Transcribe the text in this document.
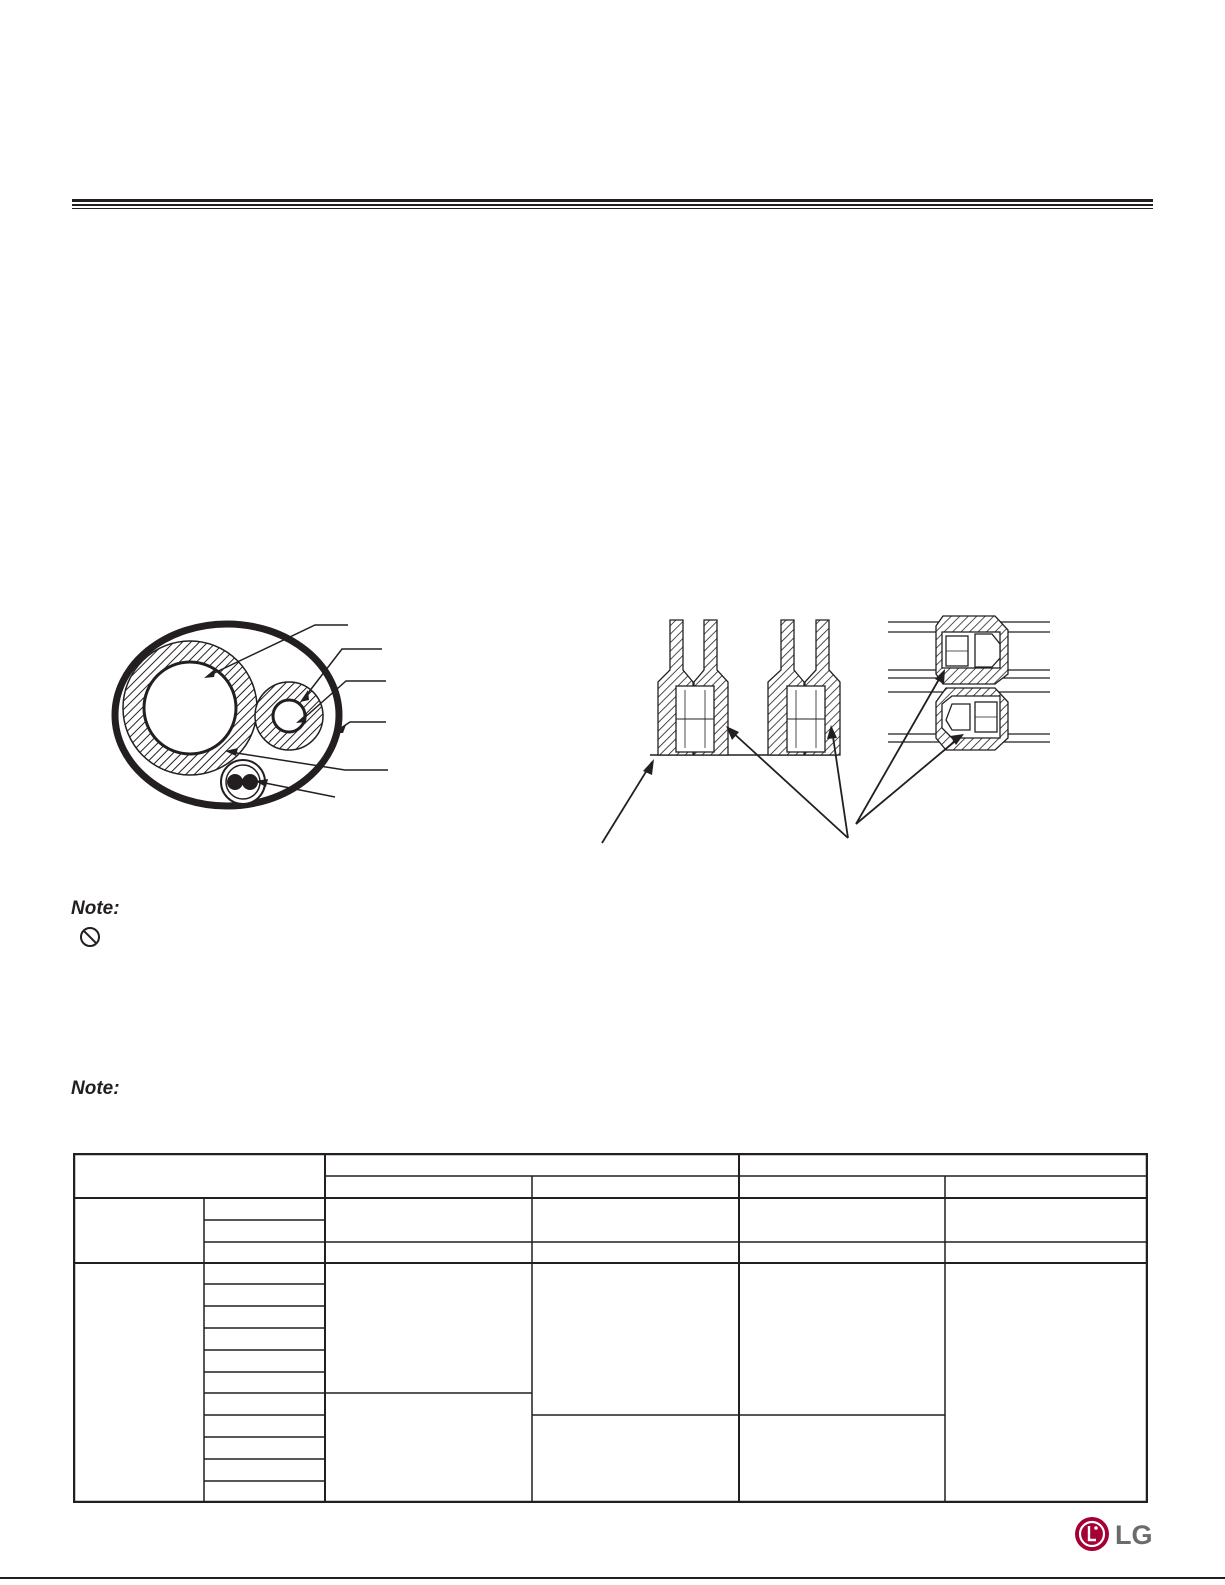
Note:
Note:
LG
